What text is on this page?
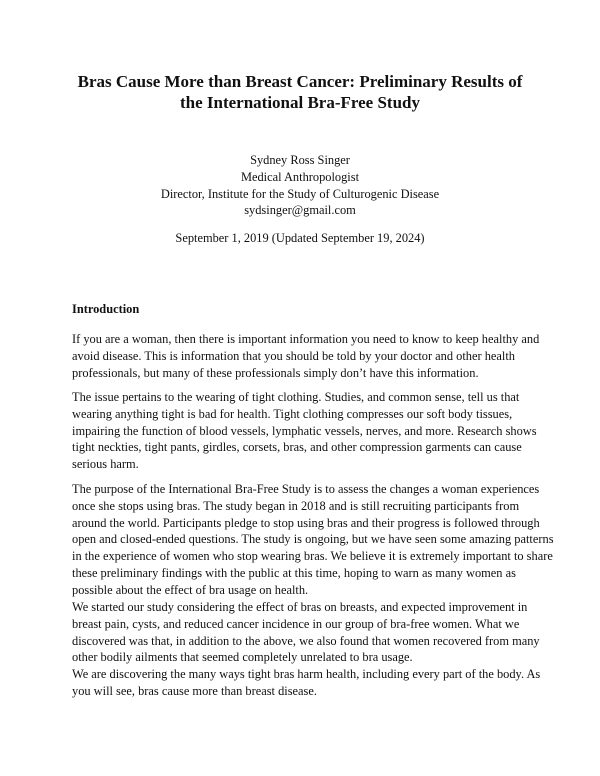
Bras Cause More than Breast Cancer: Preliminary Results of
the International Bra-Free Study
Sydney Ross Singer
Medical Anthropologist
Director, Institute for the Study of Culturogenic Disease
sydsinger@gmail.com
September 1, 2019 (Updated September 19, 2024)
Introduction
If you are a woman, then there is important information you need to know to keep healthy and
avoid disease. This is information that you should be told by your doctor and other health
professionals, but many of these professionals simply don’t have this information.
The issue pertains to the wearing of tight clothing. Studies, and common sense, tell us that
wearing anything tight is bad for health. Tight clothing compresses our soft body tissues,
impairing the function of blood vessels, lymphatic vessels, nerves, and more. Research shows
tight neckties, tight pants, girdles, corsets, bras, and other compression garments can cause
serious harm.
The purpose of the International Bra-Free Study is to assess the changes a woman experiences
once she stops using bras. The study began in 2018 and is still recruiting participants from
around the world. Participants pledge to stop using bras and their progress is followed through
open and closed-ended questions. The study is ongoing, but we have seen some amazing patterns
in the experience of women who stop wearing bras. We believe it is extremely important to share
these preliminary findings with the public at this time, hoping to warn as many women as
possible about the effect of bra usage on health.
We started our study considering the effect of bras on breasts, and expected improvement in
breast pain, cysts, and reduced cancer incidence in our group of bra-free women. What we
discovered was that, in addition to the above, we also found that women recovered from many
other bodily ailments that seemed completely unrelated to bra usage.
We are discovering the many ways tight bras harm health, including every part of the body. As
you will see, bras cause more than breast disease.
